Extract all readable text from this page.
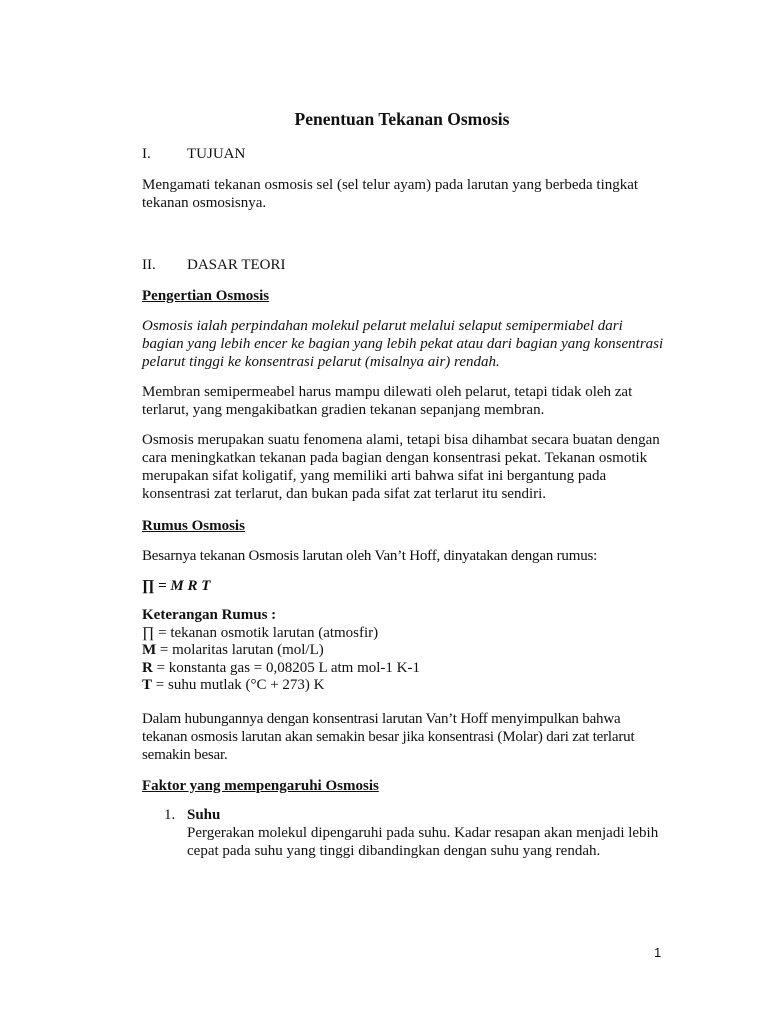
Penentuan Tekanan Osmosis
I. TUJUAN

Mengamati tekanan osmosis sel (sel telur ayam) pada larutan yang berbeda tingkat tekanan osmosisnya.

II. DASAR TEORI
Pengertian Osmosis

Osmosis ialah perpindahan molekul pelarut melalui selaput semipermiabel dari bagian yang lebih encer ke bagian yang lebih pekat atau dari bagian yang konsentrasi pelarut tinggi ke konsentrasi pelarut (misalnya air) rendah.

Membran semipermeabel harus mampu dilewati oleh pelarut, tetapi tidak oleh zat terlarut, yang mengakibatkan gradien tekanan sepanjang membran.

Osmosis merupakan suatu fenomena alami, tetapi bisa dihambat secara buatan dengan cara meningkatkan tekanan pada bagian dengan konsentrasi pekat. Tekanan osmotik merupakan sifat koligatif, yang memiliki arti bahwa sifat ini bergantung pada konsentrasi zat terlarut, dan bukan pada sifat zat terlarut itu sendiri.

Rumus Osmosis

Besarnya tekanan Osmosis larutan oleh Van’t Hoff, dinyatakan dengan rumus:

∏ = M R T
Keterangan Rumus :
∏ = tekanan osmotik larutan (atmosfir)
M = molaritas larutan (mol/L)
R = konstanta gas = 0,08205 L atm mol-1 K-1
T = suhu mutlak (°C + 273) K

Dalam hubungannya dengan konsentrasi larutan Van’t Hoff menyimpulkan bahwa tekanan osmosis larutan akan semakin besar jika konsentrasi (Molar) dari zat terlarut semakin besar.

Faktor yang mempengaruhi Osmosis
1. Suhu
Pergerakan molekul dipengaruhi pada suhu. Kadar resapan akan menjadi lebih cepat pada suhu yang tinggi dibandingkan dengan suhu yang rendah.
1
